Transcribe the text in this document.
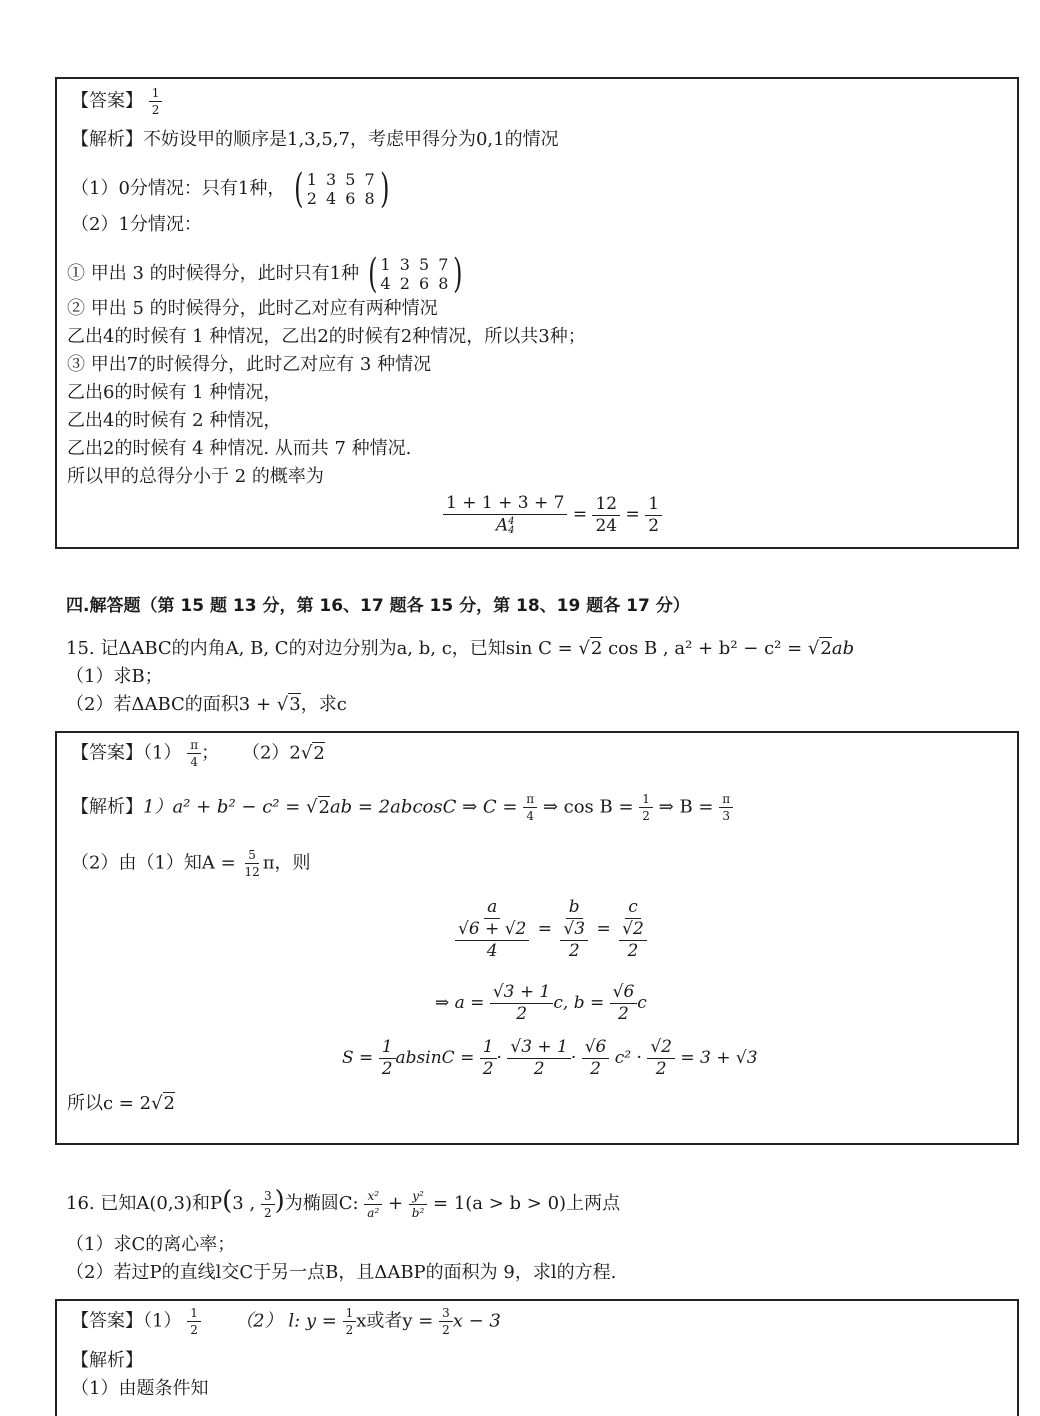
【答案】 $\frac{1}{2}$
【解析】不妨设甲的顺序是1,3,5,7，考虑甲得分为0,1的情况
（1）0分情况：只有1种， ( 1 3 5 7
2 4 6 8 )
（2）1分情况：
① 甲出 3 的时候得分，此时只有1种 ( 1 3 5 7
4 2 6 8 )
② 甲出 5 的时候得分，此时乙对应有两种情况
乙出4的时候有 1 种情况，乙出2的时候有2种情况，所以共3种；
③ 甲出7的时候得分，此时乙对应有 3 种情况
乙出6的时候有 1 种情况，
乙出4的时候有 2 种情况，
乙出2的时候有 4 种情况. 从而共 7 种情况.
所以甲的总得分小于 2 的概率为
1 + 1 + 3 + 7
A 4
$4 = \frac{12}{24} = \frac{1}{2}$
四.解答题（第 15 题 13 分，第 16、17 题各 15 分，第 18、19 题各 17 分）
15. 记ΔABC的内角A, B, C的对边分别为a, b, c，已知sin C = √2 cos B , a² + b² − c² = √2ab
（1）求B；
（2）若ΔABC的面积3 + √3，求c
【答案】$(1) \frac{\pi}{4}$ ； （2）2√2
【解析】1）a² + b² − c² = √2ab = 2abcosC ⇒ $C = \frac{\pi}{4}$ ⇒ $\cos B = \frac{1}{2}$ ⇒ $B = \frac{\pi}{3}$
（2）由（1）知$A = \frac{5}{12}$ π，则
$\frac{a}{\frac{√6 + √2}{4}} = \frac{b}{\frac{√3}{2}} = \frac{c}{\frac{√2}{2}}$
⇒ $a = \frac{√3 + 1}{2} c$, $b = \frac{√6}{2}$ c
$S = \frac{1}{2}$ $absinC = \frac{1}{2} \cdot \frac{√3 + 1}{2} \cdot \frac{√6}{2} c^2 \cdot \frac{√2}{2} = 3 + √3$
所以c = 2√2
16. 已知A(0,3)和P(3 , $\frac{3}{2}$ )为椭圆C: $\frac{\text{x²}}{\text{a²}} + \frac{\text{y²}}{\text{b²}} = 1(a > b > 0)$上两点
（1）求C的离心率；
（2）若过P的直线l交C于另一点B，且ΔABP的面积为 9，求l的方程.
【答案】$(1) \frac{1}{2} (2)$ l: $y = \frac{1}{2}$ x或者$y = \frac{3}{2}$ x − 3
【解析】
（1）由题条件知
